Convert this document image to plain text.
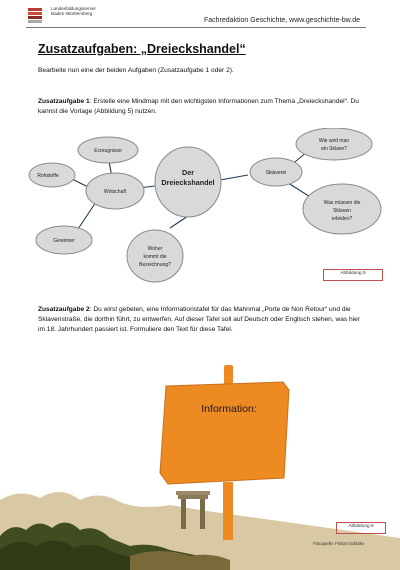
Landesbildungsserver
Baden-Württemberg
Fachredaktion Geschichte, www.geschichte-bw.de
Zusatzaufgaben: „Dreieckshandel“
Bearbeite nun eine der beiden Aufgaben (Zusatzaufgabe 1 oder 2).
Zusatzaufgabe 1: Erstelle eine Mindmap mit den wichtigsten Informationen zum Thema „Dreieckshandel“. Du kannst die Vorlage (Abbildung 5) nutzen.
Erzeugnisse
Rohstoffe
Wirtschaft
Gewinner
Der
Dreieckshandel
Woher
kommt die
Bezeichnung?
Sklaverei
Wie wird man
ein Sklave?
Was müssen die
Sklaven
erleiden?
Abbildung 5
Zusatzaufgabe 2: Du wirst gebeten, eine Informationstafel für das Mahnmal „Porte de Non Retour“ und die Sklavenstraße, die dorthin führt, zu entwerfen. Auf dieser Tafel soll auf Deutsch oder Englisch stehen, was hier im 18. Jahrhundert passiert ist. Formuliere den Text für diese Tafel.
Information:
Abbildung 6
Fotoquelle: Florian Schlake
